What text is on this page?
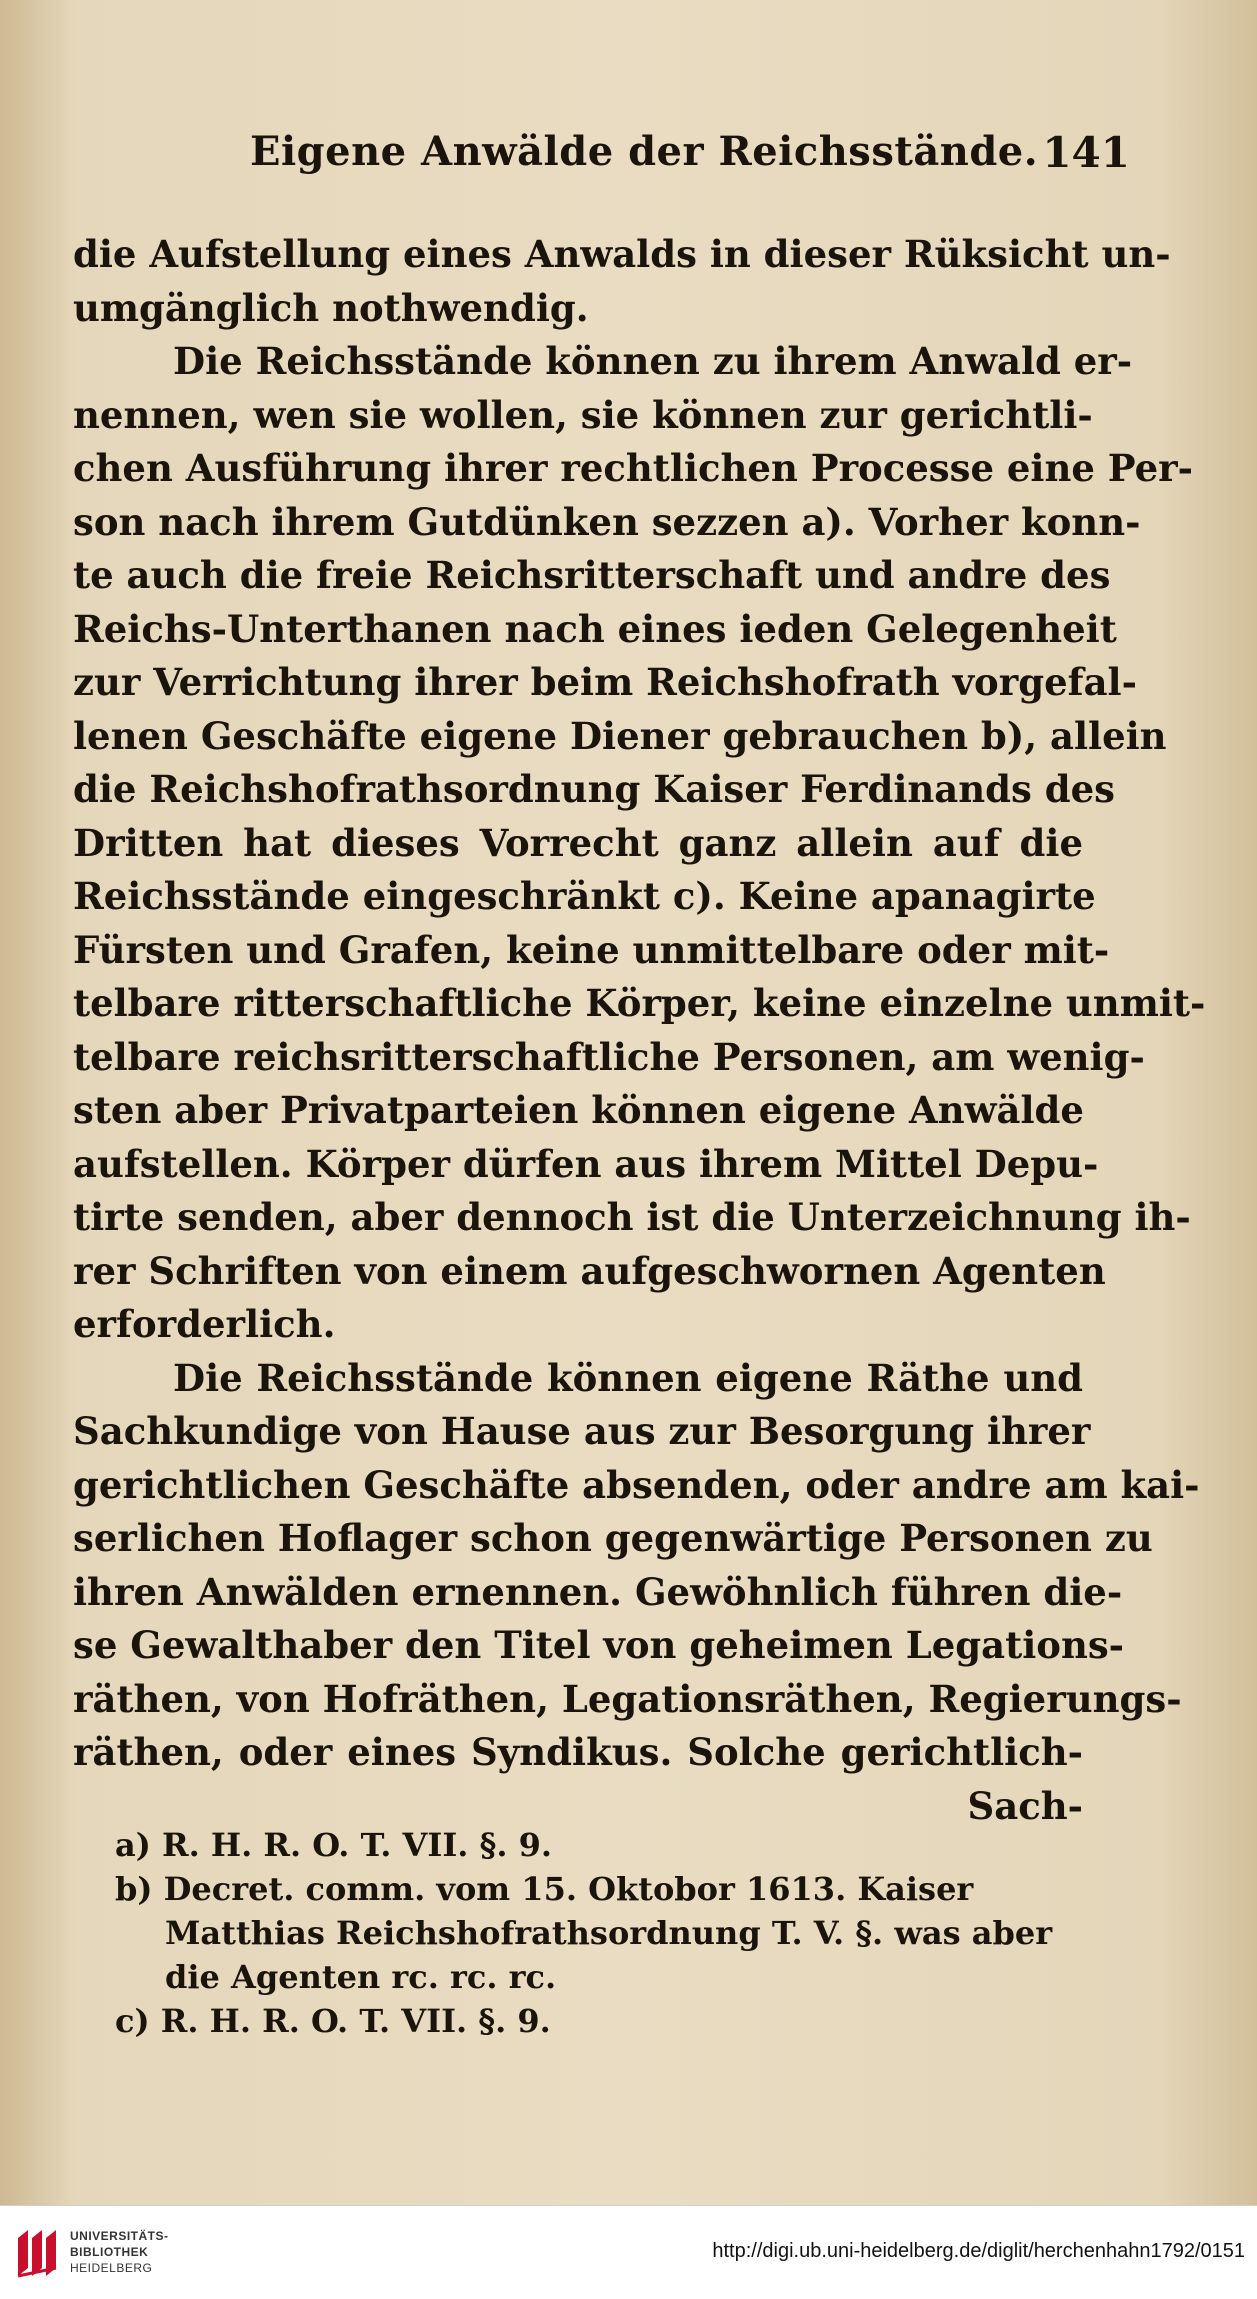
Eigene Anwälde der Reichsstände. 141
die Aufstellung eines Anwalds in dieser Rüksicht un-
umgänglich nothwendig.
Die Reichsstände können zu ihrem Anwald er-
nennen, wen sie wollen, sie können zur gerichtli-
chen Ausführung ihrer rechtlichen Processe eine Per-
son nach ihrem Gutdünken sezzen a). Vorher konn-
te auch die freie Reichsritterschaft und andre des
Reichs-Unterthanen nach eines ieden Gelegenheit
zur Verrichtung ihrer beim Reichshofrath vorgefal-
lenen Geschäfte eigene Diener gebrauchen b), allein
die Reichshofrathsordnung Kaiser Ferdinands des
Dritten hat dieses Vorrecht ganz allein auf die
Reichsstände eingeschränkt c). Keine apanagirte
Fürsten und Grafen, keine unmittelbare oder mit-
telbare ritterschaftliche Körper, keine einzelne unmit-
telbare reichsritterschaftliche Personen, am wenig-
sten aber Privatparteien können eigene Anwälde
aufstellen. Körper dürfen aus ihrem Mittel Depu-
tirte senden, aber dennoch ist die Unterzeichnung ih-
rer Schriften von einem aufgeschwornen Agenten
erforderlich.
Die Reichsstände können eigene Räthe und
Sachkundige von Hause aus zur Besorgung ihrer
gerichtlichen Geschäfte absenden, oder andre am kai-
serlichen Hoflager schon gegenwärtige Personen zu
ihren Anwälden ernennen. Gewöhnlich führen die-
se Gewalthaber den Titel von geheimen Legations-
räthen, von Hofräthen, Legationsräthen, Regierungs-
räthen, oder eines Syndikus. Solche gerichtlich-
Sach-
a) R. H. R. O. T. VII. §. 9.
b) Decret. comm. vom 15. Oktobor 1613. Kaiser
Matthias Reichshofrathsordnung T. V. §. was aber
die Agenten rc. rc. rc.
c) R. H. R. O. T. VII. §. 9.
UNIVERSITÄTS-
BIBLIOTHEK
HEIDELBERG
http://digi.ub.uni-heidelberg.de/diglit/herchenhahn1792/0151
